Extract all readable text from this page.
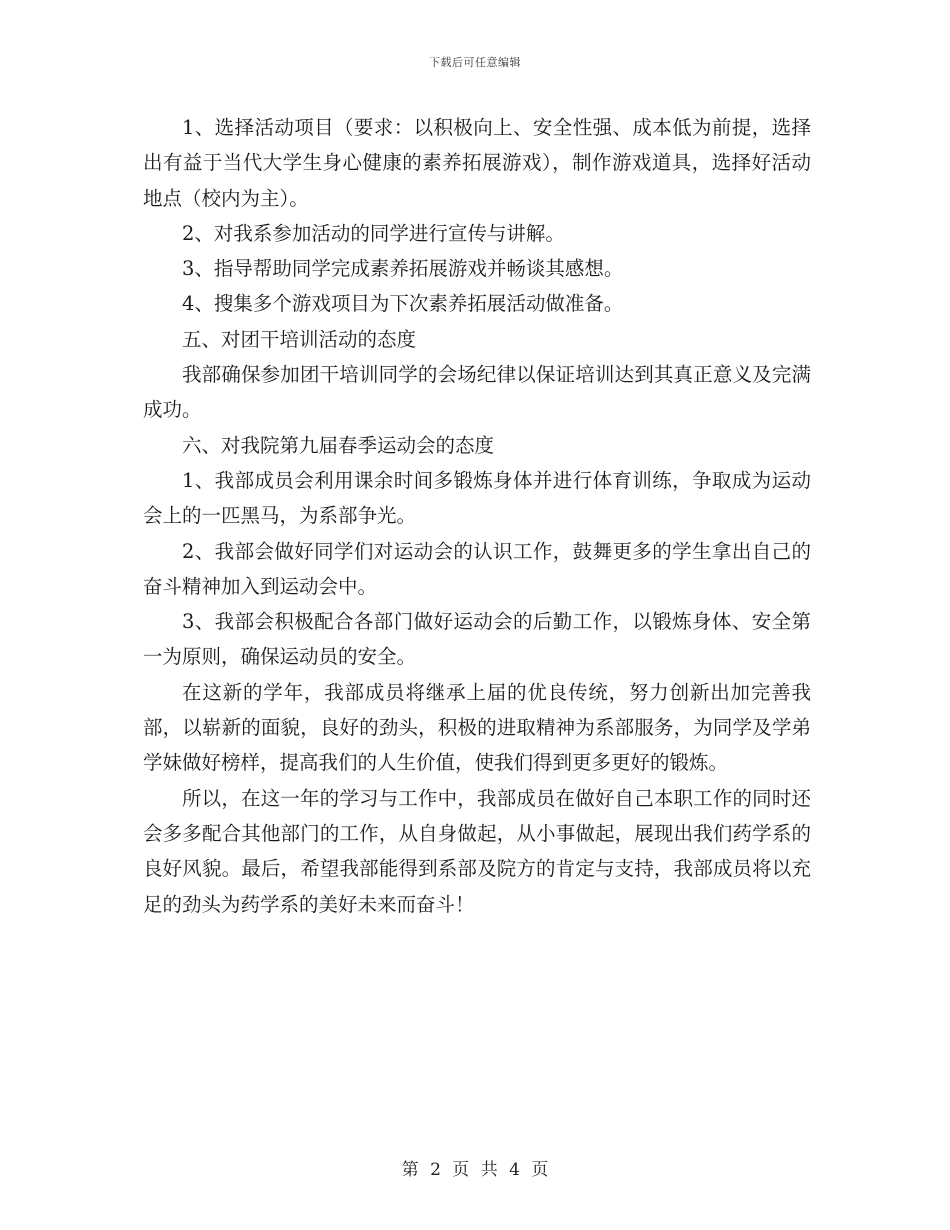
下载后可任意编辑

1、选择活动项目（要求：以积极向上、安全性强、成本低为前提，选择出有益于当代大学生身心健康的素养拓展游戏），制作游戏道具，选择好活动地点（校内为主）。

2、对我系参加活动的同学进行宣传与讲解。

3、指导帮助同学完成素养拓展游戏并畅谈其感想。

4、搜集多个游戏项目为下次素养拓展活动做准备。

五、对团干培训活动的态度

我部确保参加团干培训同学的会场纪律以保证培训达到其真正意义及完满成功。

六、对我院第九届春季运动会的态度

1、我部成员会利用课余时间多锻炼身体并进行体育训练，争取成为运动会上的一匹黑马，为系部争光。

2、我部会做好同学们对运动会的认识工作，鼓舞更多的学生拿出自己的奋斗精神加入到运动会中。

3、我部会积极配合各部门做好运动会的后勤工作，以锻炼身体、安全第一为原则，确保运动员的安全。

在这新的学年，我部成员将继承上届的优良传统，努力创新出加完善我部，以崭新的面貌，良好的劲头，积极的进取精神为系部服务，为同学及学弟学妹做好榜样，提高我们的人生价值，使我们得到更多更好的锻炼。

所以，在这一年的学习与工作中，我部成员在做好自己本职工作的同时还会多多配合其他部门的工作，从自身做起，从小事做起，展现出我们药学系的良好风貌。最后，希望我部能得到系部及院方的肯定与支持，我部成员将以充足的劲头为药学系的美好未来而奋斗！

第 2 页 共 4 页
